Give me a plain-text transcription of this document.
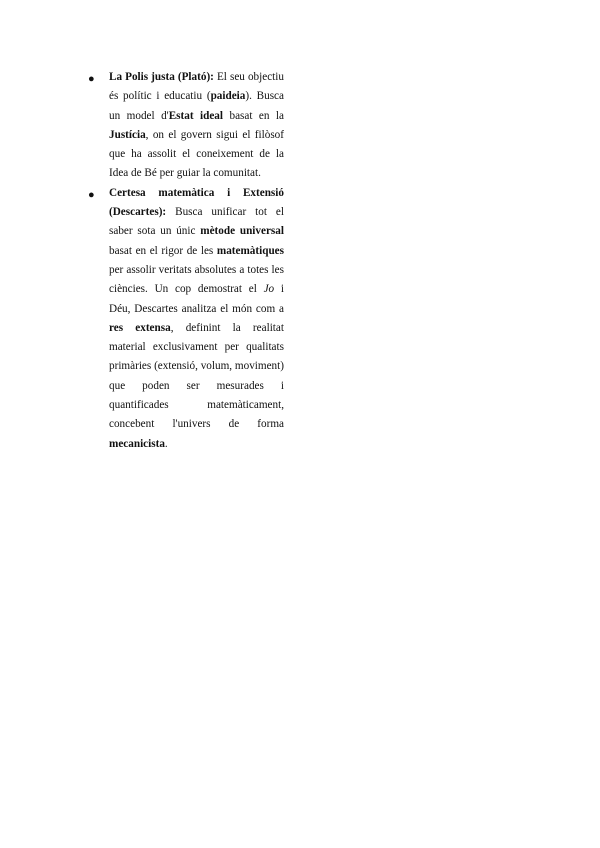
● La Polis justa (Plató): El seu objectiu és polític i educatiu (paideia). Busca un model d'Estat ideal basat en la Justícia, on el govern sigui el filòsof que ha assolit el coneixement de la Idea de Bé per guiar la comunitat.

● Certesa matemàtica i Extensió (Descartes): Busca unificar tot el saber sota un únic mètode universal basat en el rigor de les matemàtiques per assolir veritats absolutes a totes les ciències. Un cop demostrat el Jo i Déu, Descartes analitza el món com a res extensa, definint la realitat material exclusivament per qualitats primàries (extensió, volum, moviment) que poden ser mesurades i quantificades matemàticament, concebent l'univers de forma mecanicista.
